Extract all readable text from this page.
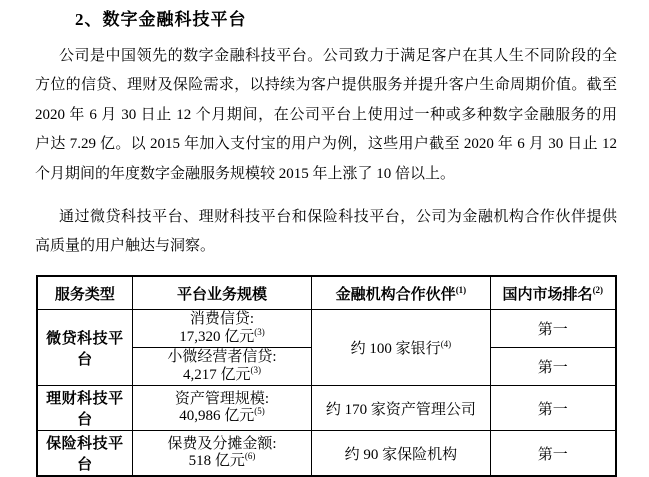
2、数字金融科技平台
公司是中国领先的数字金融科技平台。公司致力于满足客户在其人生不同阶段的全
方位的信贷、理财及保险需求，以持续为客户提供服务并提升客户生命周期价值。截至
2020 年 6 月 30 日止 12 个月期间，在公司平台上使用过一种或多种数字金融服务的用
户达 7.29 亿。以 2015 年加入支付宝的用户为例，这些用户截至 2020 年 6 月 30 日止 12
个月期间的年度数字金融服务规模较 2015 年上涨了 10 倍以上。
通过微贷科技平台、理财科技平台和保险科技平台，公司为金融机构合作伙伴提供
高质量的用户触达与洞察。
服务类型	平台业务规模	金融机构合作伙伴$^{(1)}$	国内市场排名$^{(2)}$
微贷科技平台	消费信贷:
17,320 亿元$^{(3)}$	约 100 家银行$^{(4)}$	第一

	小微经营者信贷:
4,217 亿元$^{(3)}$		第一
理财科技平台	资产管理规模:
40,986 亿元$^{(5)}$	约 170 家资产管理公司	第一
保险科技平台	保费及分摊金额:
518 亿元$^{(6)}$	约 90 家保险机构	第一
